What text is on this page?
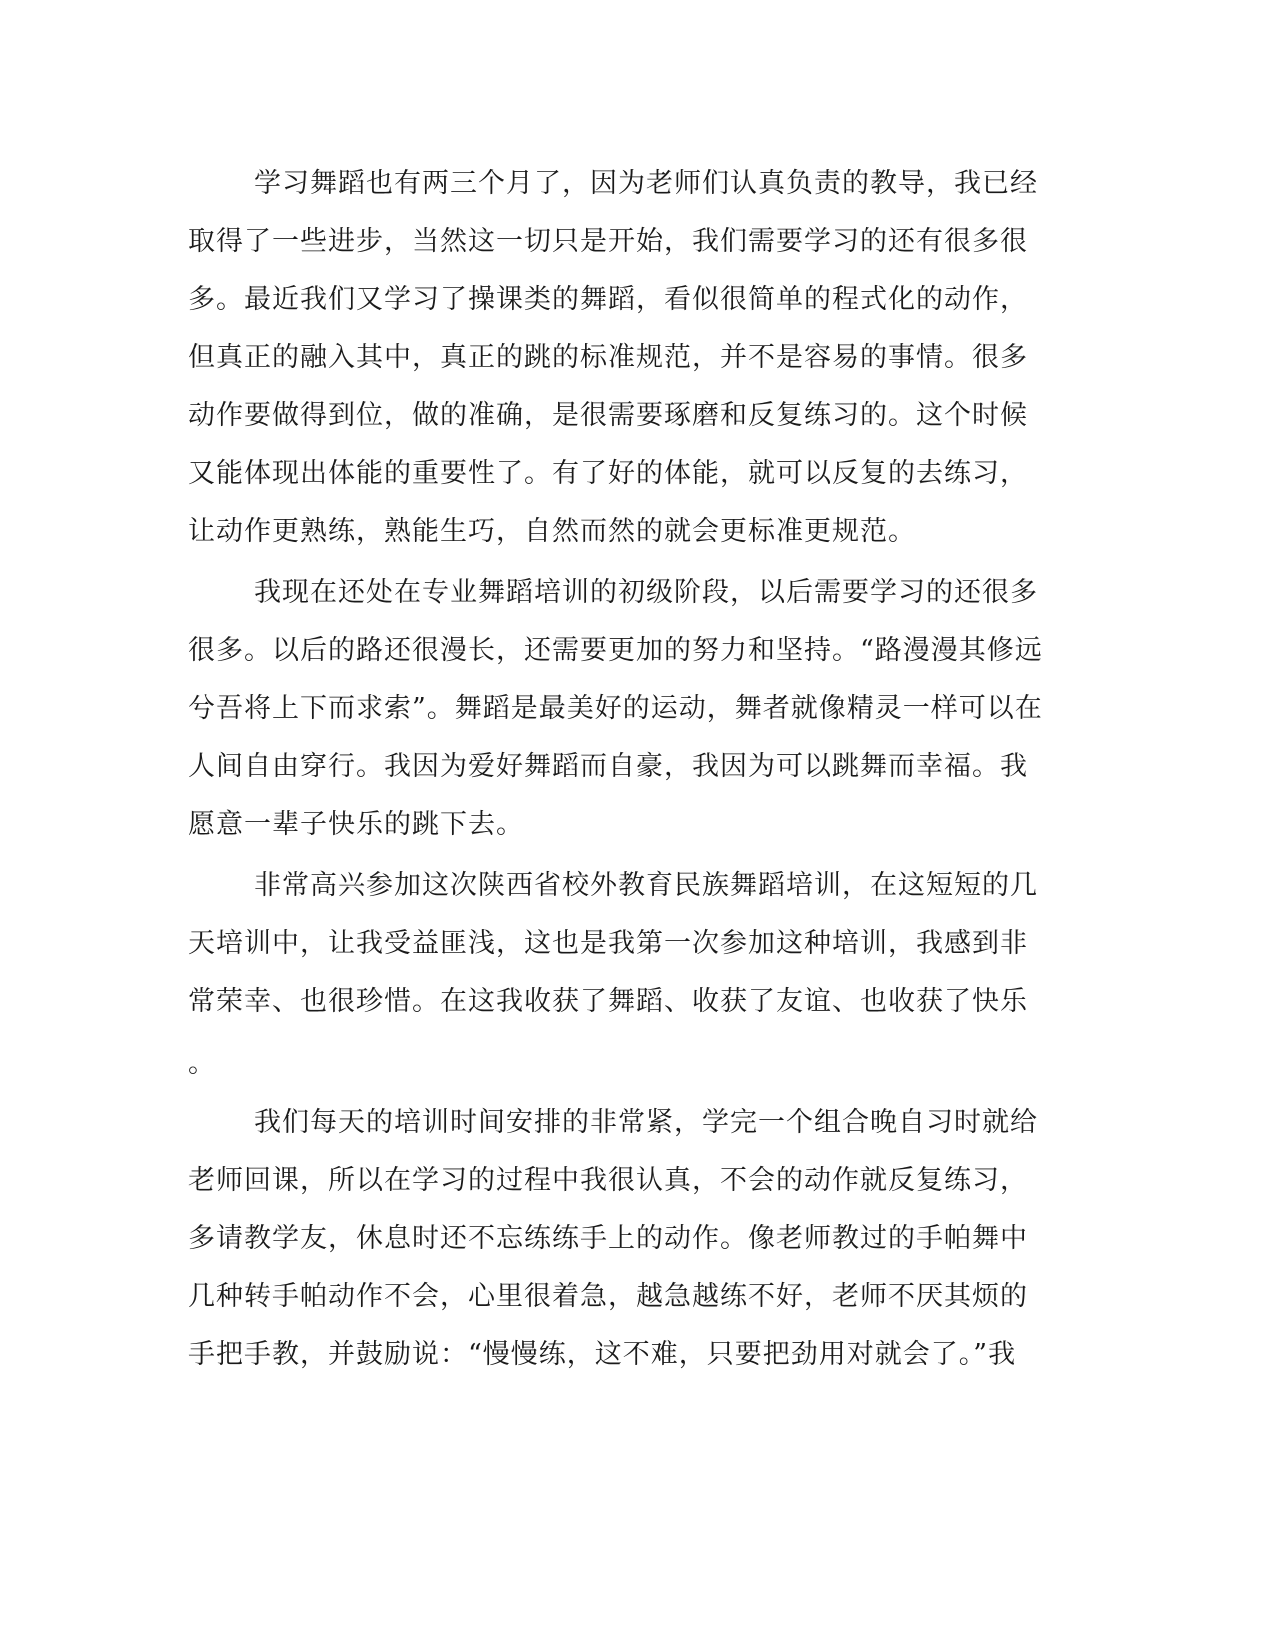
学习舞蹈也有两三个月了，因为老师们认真负责的教导，我已经
取得了一些进步，当然这一切只是开始，我们需要学习的还有很多很
多。最近我们又学习了操课类的舞蹈，看似很简单的程式化的动作，
但真正的融入其中，真正的跳的标准规范，并不是容易的事情。很多
动作要做得到位，做的准确，是很需要琢磨和反复练习的。这个时候
又能体现出体能的重要性了。有了好的体能，就可以反复的去练习，
让动作更熟练，熟能生巧，自然而然的就会更标准更规范。
我现在还处在专业舞蹈培训的初级阶段，以后需要学习的还很多
很多。以后的路还很漫长，还需要更加的努力和坚持。“路漫漫其修远
兮吾将上下而求索”。舞蹈是最美好的运动，舞者就像精灵一样可以在
人间自由穿行。我因为爱好舞蹈而自豪，我因为可以跳舞而幸福。我
愿意一辈子快乐的跳下去。
非常高兴参加这次陕西省校外教育民族舞蹈培训，在这短短的几
天培训中，让我受益匪浅，这也是我第一次参加这种培训，我感到非
常荣幸、也很珍惜。在这我收获了舞蹈、收获了友谊、也收获了快乐
。
我们每天的培训时间安排的非常紧，学完一个组合晚自习时就给
老师回课，所以在学习的过程中我很认真，不会的动作就反复练习，
多请教学友，休息时还不忘练练手上的动作。像老师教过的手帕舞中
几种转手帕动作不会，心里很着急，越急越练不好，老师不厌其烦的
手把手教，并鼓励说：“慢慢练，这不难，只要把劲用对就会了。”我
